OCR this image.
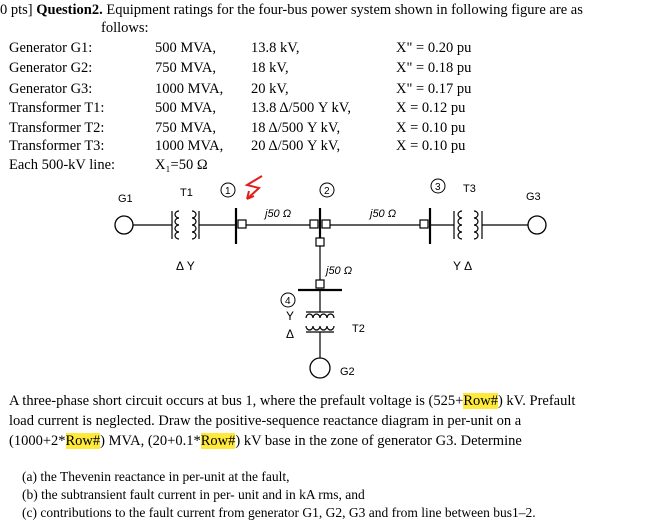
0 pts] Question2. Equipment ratings for the four-bus power system shown in following figure are as
follows:
Generator G1:	500 MVA, 13.8 kV,	X" = 0.20 pu
Generator G2:	750 MVA, 18 kV,	X" = 0.18 pu
Generator G3:	1000 MVA, 20 kV,	X" = 0.17 pu
Transformer T1:	500 MVA, 13.8 Δ/500 Y kV,	X = 0.12 pu
Transformer T2:	750 MVA, 18 Δ/500 Y kV,	X = 0.10 pu
Transformer T3:	1000 MVA, 20 Δ/500 Y kV,	X = 0.10 pu
Each 500-kV line:	X₁=50 Ω
G1	T1
Δ Y
1
j50 Ω
2
j50 Ω
3 T3
Y Δ
G3
j50 Ω
4
Y
Δ	T2
G2
A three-phase short circuit occurs at bus 1, where the prefault voltage is (525+Row#) kV. Prefault
load current is neglected. Draw the positive-sequence reactance diagram in per-unit on a
(1000+2*Row#) MVA, (20+0.1*Row#) kV base in the zone of generator G3. Determine
(a) the Thevenin reactance in per-unit at the fault,
(b) the subtransient fault current in per- unit and in kA rms, and
(c) contributions to the fault current from generator G1, G2, G3 and from line between bus1–2.
